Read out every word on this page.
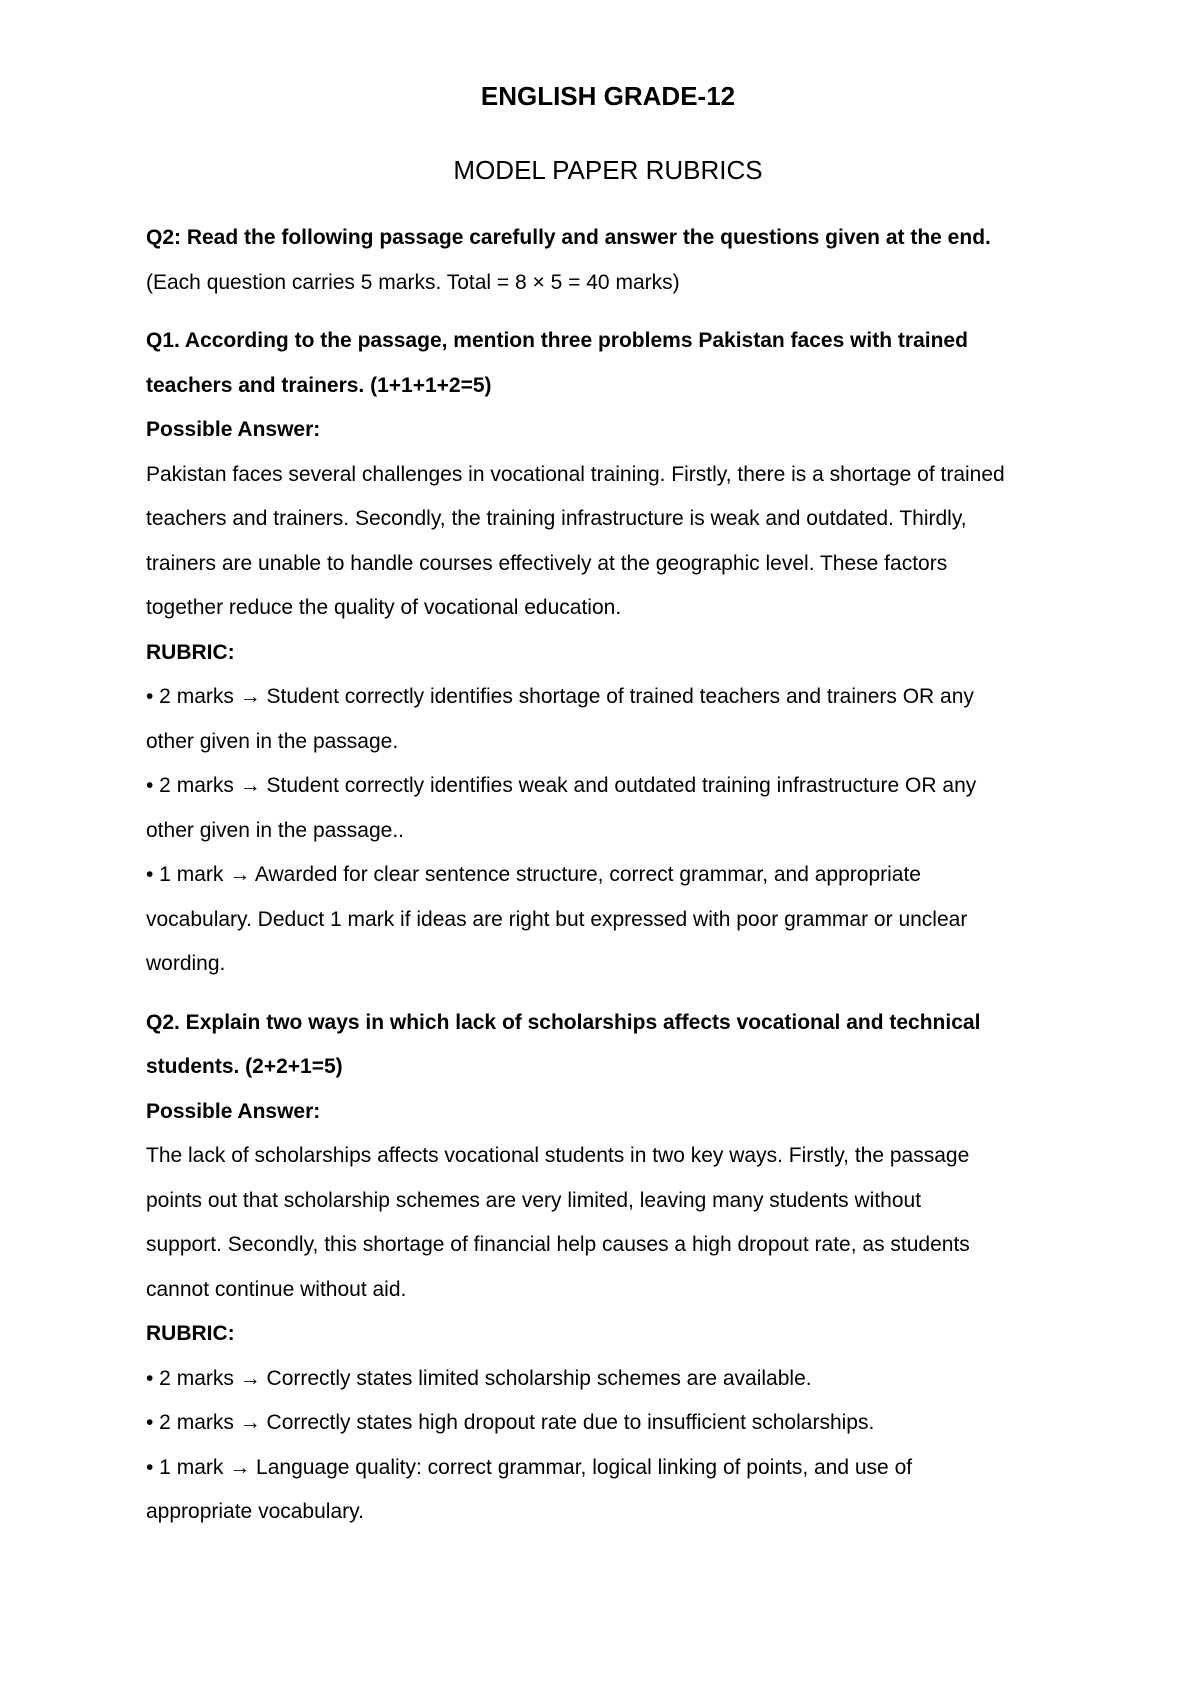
ENGLISH GRADE-12
MODEL PAPER RUBRICS

Q2: Read the following passage carefully and answer the questions given at the end.

(Each question carries 5 marks. Total = 8 × 5 = 40 marks)

Q1. According to the passage, mention three problems Pakistan faces with trained

teachers and trainers. (1+1+1+2=5)

Possible Answer:

Pakistan faces several challenges in vocational training. Firstly, there is a shortage of trained

teachers and trainers. Secondly, the training infrastructure is weak and outdated. Thirdly,

trainers are unable to handle courses effectively at the geographic level. These factors

together reduce the quality of vocational education.

RUBRIC:

• 2 marks → Student correctly identifies shortage of trained teachers and trainers OR any

other given in the passage.

• 2 marks → Student correctly identifies weak and outdated training infrastructure OR any

other given in the passage..

• 1 mark → Awarded for clear sentence structure, correct grammar, and appropriate

vocabulary. Deduct 1 mark if ideas are right but expressed with poor grammar or unclear

wording.

Q2. Explain two ways in which lack of scholarships affects vocational and technical

students. (2+2+1=5)

Possible Answer:

The lack of scholarships affects vocational students in two key ways. Firstly, the passage

points out that scholarship schemes are very limited, leaving many students without

support. Secondly, this shortage of financial help causes a high dropout rate, as students

cannot continue without aid.

RUBRIC:

• 2 marks → Correctly states limited scholarship schemes are available.

• 2 marks → Correctly states high dropout rate due to insufficient scholarships.

• 1 mark → Language quality: correct grammar, logical linking of points, and use of

appropriate vocabulary.
